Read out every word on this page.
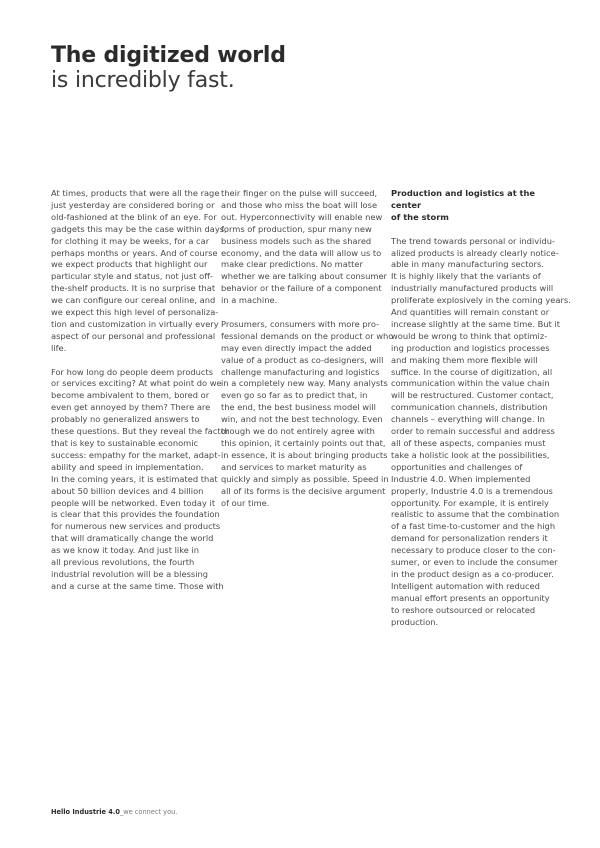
The digitized world
is incredibly fast.

At times, products that were all the rage
just yesterday are considered boring or
old-fashioned at the blink of an eye. For
gadgets this may be the case within days,
for clothing it may be weeks, for a car
perhaps months or years. And of course
we expect products that highlight our
particular style and status, not just off-
the-shelf products. It is no surprise that
we can configure our cereal online, and
we expect this high level of personaliza-
tion and customization in virtually every
aspect of our personal and professional
life.

For how long do people deem products
or services exciting? At what point do we
become ambivalent to them, bored or
even get annoyed by them? There are
probably no generalized answers to
these questions. But they reveal the factor
that is key to sustainable economic
success: empathy for the market, adapt-
ability and speed in implementation.
In the coming years, it is estimated that
about 50 billion devices and 4 billion
people will be networked. Even today it
is clear that this provides the foundation
for numerous new services and products
that will dramatically change the world
as we know it today. And just like in
all previous revolutions, the fourth
industrial revolution will be a blessing
and a curse at the same time. Those with

their finger on the pulse will succeed,
and those who miss the boat will lose
out. Hyperconnectivity will enable new
forms of production, spur many new
business models such as the shared
economy, and the data will allow us to
make clear predictions. No matter
whether we are talking about consumer
behavior or the failure of a component
in a machine.

Prosumers, consumers with more pro-
fessional demands on the product or who
may even directly impact the added
value of a product as co-designers, will
challenge manufacturing and logistics
in a completely new way. Many analysts
even go so far as to predict that, in
the end, the best business model will
win, and not the best technology. Even
though we do not entirely agree with
this opinion, it certainly points out that,
in essence, it is about bringing products
and services to market maturity as
quickly and simply as possible. Speed in
all of its forms is the decisive argument
of our time.

Production and logistics at the center
of the storm

The trend towards personal or individu-
alized products is already clearly notice-
able in many manufacturing sectors.
It is highly likely that the variants of
industrially manufactured products will
proliferate explosively in the coming years.
And quantities will remain constant or
increase slightly at the same time. But it
would be wrong to think that optimiz-
ing production and logistics processes
and making them more flexible will
suffice. In the course of digitization, all
communication within the value chain
will be restructured. Customer contact,
communication channels, distribution
channels – everything will change. In
order to remain successful and address
all of these aspects, companies must
take a holistic look at the possibilities,
opportunities and challenges of
Industrie 4.0. When implemented
properly, Industrie 4.0 is a tremendous
opportunity. For example, it is entirely
realistic to assume that the combination
of a fast time-to-customer and the high
demand for personalization renders it
necessary to produce closer to the con-
sumer, or even to include the consumer
in the product design as a co-producer.
Intelligent automation with reduced
manual effort presents an opportunity
to reshore outsourced or relocated
production.

Hello Industrie 4.0_we connect you.
